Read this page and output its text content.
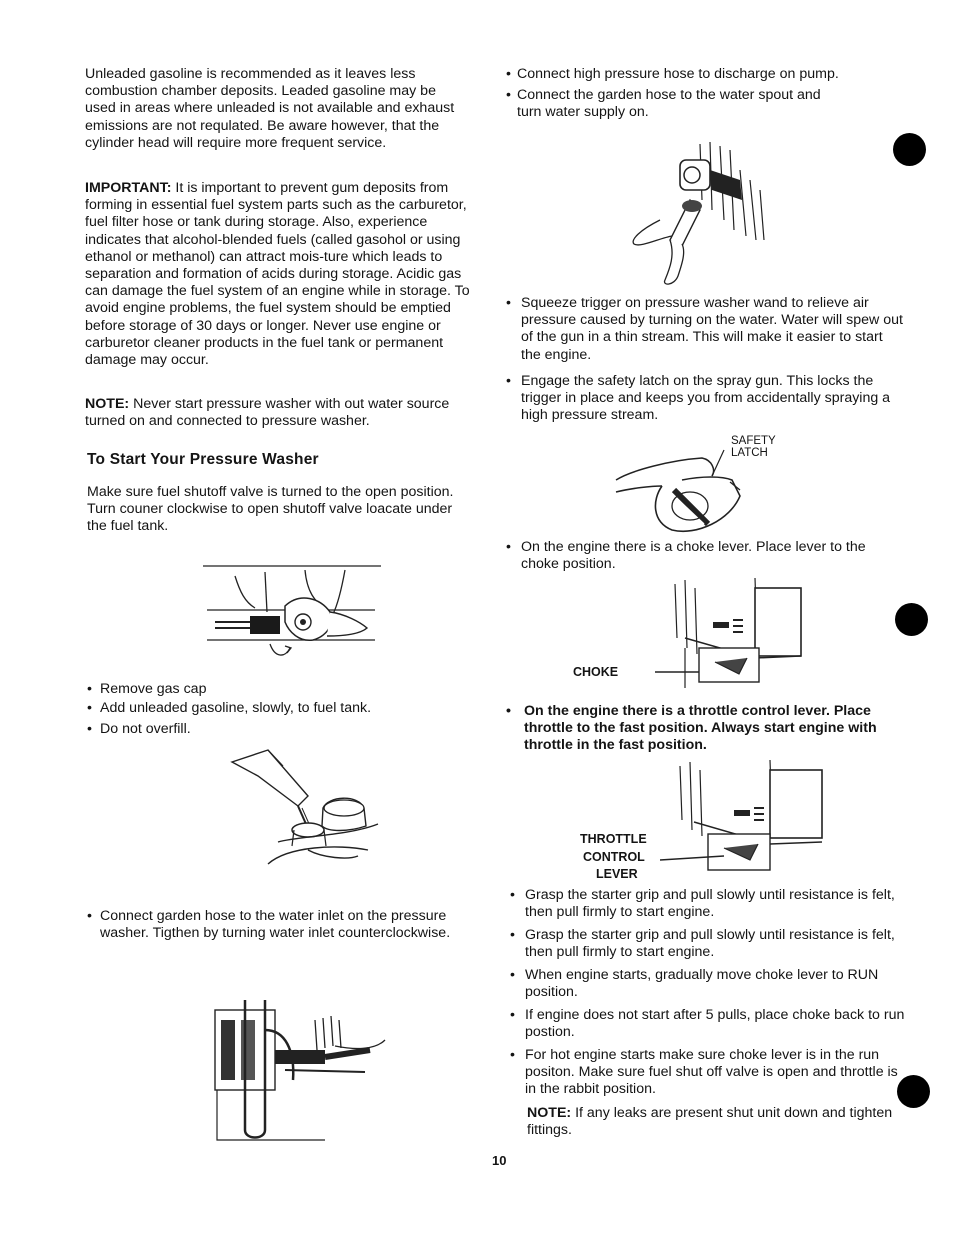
Unleaded gasoline is recommended as it leaves less combustion chamber deposits. Leaded gasoline may be used in areas where unleaded is not available and exhaust emissions are not requlated. Be aware however, that the cylinder head will require more frequent service.

IMPORTANT: It is important to prevent gum deposits from forming in essential fuel system parts such as the carburetor, fuel filter hose or tank during storage. Also, experience indicates that alcohol-blended fuels (called gasohol or using ethanol or methanol) can attract mois-ture which leads to separation and formation of acids during storage. Acidic gas can damage the fuel system of an engine while in storage. To avoid engine problems, the fuel system should be emptied before storage of 30 days or longer. Never use engine or carburetor cleaner products in the fuel tank or permanent damage may occur.

NOTE: Never start pressure washer with out water source turned on and connected to pressure washer.

To Start Your Pressure Washer

Make sure fuel shutoff valve is turned to the open position. Turn couner clockwise to open shutoff valve loacate under the fuel tank.

• Remove gas cap
• Add unleaded gasoline, slowly, to fuel tank.
• Do not overfill.
• Connect garden hose to the water inlet on the pressure washer. Tigthen by turning water inlet counterclockwise.
• Connect high pressure hose to discharge on pump.
• Connect the garden hose to the water spout and turn water supply on.
• Squeeze trigger on pressure washer wand to relieve air pressure caused by turning on the water. Water will spew out of the gun in a thin stream. This will make it easier to start the engine.
• Engage the safety latch on the spray gun. This locks the trigger in place and keeps you from accidentally spraying a high pressure stream.
SAFETY
LATCH
• On the engine there is a choke lever. Place lever to the choke position.
CHOKE
• On the engine there is a throttle control lever. Place throttle to the fast position. Always start engine with throttle in the fast position.
THROTTLE
CONTROL
LEVER
• Grasp the starter grip and pull slowly until resistance is felt, then pull firmly to start engine.
• Grasp the starter grip and pull slowly until resistance is felt, then pull firmly to start engine.
• When engine starts, gradually move choke lever to RUN position.
• If engine does not start after 5 pulls, place choke back to run postion.
• For hot engine starts make sure choke lever is in the run positon. Make sure fuel shut off valve is open and throttle is in the rabbit position.

NOTE: If any leaks are present shut unit down and tighten fittings.

10
